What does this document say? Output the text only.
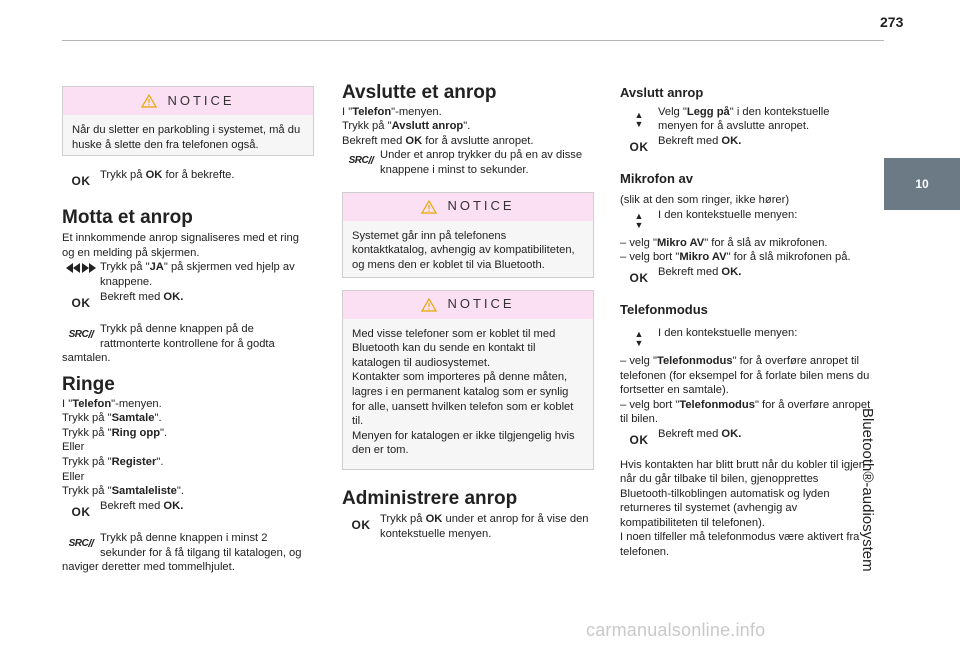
273
10
Bluetooth®-audiosystem
NOTICE

Når du sletter en parkobling i systemet, må du huske å slette den fra telefonen også.

OK Trykk på OK for å bekrefte.

Motta et anrop

Et innkommende anrop signaliseres med et ring og en melding på skjermen.

Trykk på "JA" på skjermen ved hjelp av knappene.

OK Bekreft med OK.

SRC // Trykk på denne knappen på de rattmonterte kontrollene for å godta

samtalen.

Ringe

I "Telefon"-menyen.

Trykk på "Samtale".

Trykk på "Ring opp".

Eller

Trykk på "Register".

Eller

Trykk på "Samtaleliste".

OK Bekreft med OK.

SRC // Trykk på denne knappen i minst 2 sekunder for å få tilgang til katalogen, og

naviger deretter med tommelhjulet.

Avslutte et anrop

I "Telefon"-menyen.

Trykk på "Avslutt anrop".

Bekreft med OK for å avslutte anropet.

SRC // Under et anrop trykker du på en av disse knappene i minst to sekunder.

NOTICE

Systemet går inn på telefonens kontaktkatalog, avhengig av kompatibiliteten, og mens den er koblet til via Bluetooth.

NOTICE

Med visse telefoner som er koblet til med Bluetooth kan du sende en kontakt til katalogen til audiosystemet.

Kontakter som importeres på denne måten, lagres i en permanent katalog som er synlig for alle, uansett hvilken telefon som er koblet til.

Menyen for katalogen er ikke tilgjengelig hvis den er tom.

Administrere anrop
OK Trykk på OK under et anrop for å vise den kontekstuelle menyen.

Avslutt anrop
▲
▼

Velg "Legg på" i den kontekstuelle menyen for å avslutte anropet.

OK Bekreft med OK.

Mikrofon av

(slik at den som ringer, ikke hører)

▲
▼

I den kontekstuelle menyen:

– velg "Mikro AV" for å slå av mikrofonen.

– velg bort "Mikro AV" for å slå mikrofonen på.

OK Bekreft med OK.

Telefonmodus
▲
▼

I den kontekstuelle menyen:

– velg "Telefonmodus" for å overføre anropet til telefonen (for eksempel for å forlate bilen mens du fortsetter en samtale).

– velg bort "Telefonmodus" for å overføre anropet til bilen.

OK Bekreft med OK.

Hvis kontakten har blitt brutt når du kobler til igjen når du går tilbake til bilen, gjenopprettes Bluetooth-tilkoblingen automatisk og lyden returneres til systemet (avhengig av kompatibiliteten til telefonen).

I noen tilfeller må telefonmodus være aktivert fra telefonen.

carmanualsonline.info
